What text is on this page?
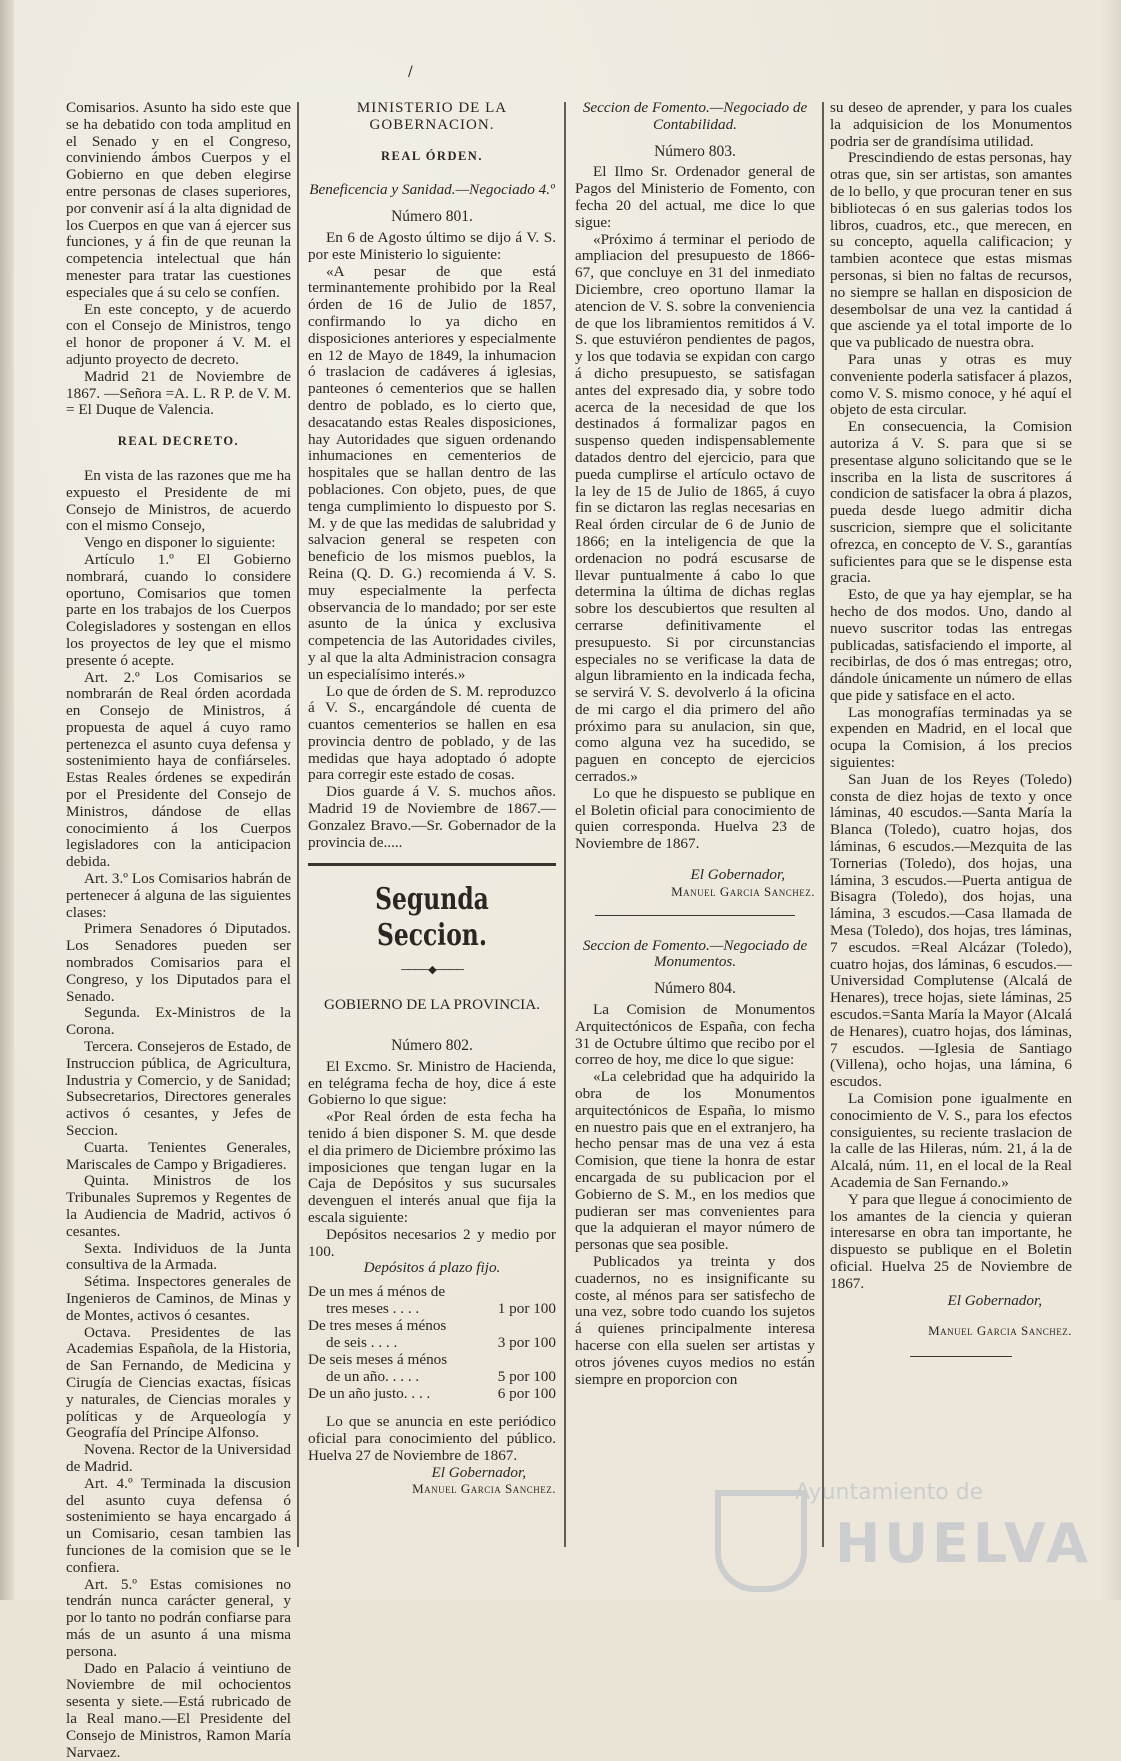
/

Comisarios. Asunto ha sido este que se ha debatido con toda amplitud en el Senado y en el Congreso, conviniendo ámbos Cuerpos y el Gobierno en que deben elegirse entre personas de clases superiores, por convenir así á la alta dignidad de los Cuerpos en que van á ejercer sus funciones, y á fin de que reunan la competencia intelectual que hán menester para tratar las cuestiones especiales que á su celo se confíen.

En este concepto, y de acuerdo con el Consejo de Ministros, tengo el honor de proponer á V. M. el adjunto proyecto de decreto.

Madrid 21 de Noviembre de 1867. —Señora =A. L. R P. de V. M. = El Duque de Valencia.

REAL DECRETO.

En vista de las razones que me ha expuesto el Presidente de mi Consejo de Ministros, de acuerdo con el mismo Consejo,

Vengo en disponer lo siguiente:

Artículo 1.º El Gobierno nombrará, cuando lo considere oportuno, Comisarios que tomen parte en los trabajos de los Cuerpos Colegisladores y sostengan en ellos los proyectos de ley que el mismo presente ó acepte.

Art. 2.º Los Comisarios se nombrarán de Real órden acordada en Consejo de Ministros, á propuesta de aquel á cuyo ramo pertenezca el asunto cuya defensa y sostenimiento haya de confiárseles. Estas Reales órdenes se expedirán por el Presidente del Consejo de Ministros, dándose de ellas conocimiento á los Cuerpos legisladores con la anticipacion debida.

Art. 3.º Los Comisarios habrán de pertenecer á alguna de las siguientes clases:

Primera Senadores ó Diputados. Los Senadores pueden ser nombrados Comisarios para el Congreso, y los Diputados para el Senado.

Segunda. Ex-Ministros de la Corona.

Tercera. Consejeros de Estado, de Instruccion pública, de Agricultura, Industria y Comercio, y de Sanidad; Subsecretarios, Directores generales activos ó cesantes, y Jefes de Seccion.

Cuarta. Tenientes Generales, Mariscales de Campo y Brigadieres.

Quinta. Ministros de los Tribunales Supremos y Regentes de la Audiencia de Madrid, activos ó cesantes.

Sexta. Individuos de la Junta consultiva de la Armada.

Sétima. Inspectores generales de Ingenieros de Caminos, de Minas y de Montes, activos ó cesantes.

Octava. Presidentes de las Academias Española, de la Historia, de San Fernando, de Medicina y Cirugía de Ciencias exactas, físicas y naturales, de Ciencias morales y políticas y de Arqueología y Geografía del Príncipe Alfonso.

Novena. Rector de la Universidad de Madrid.

Art. 4.º Terminada la discusion del asunto cuya defensa ó sostenimiento se haya encargado á un Comisario, cesan tambien las funciones de la comision que se le confiera.

Art. 5.º Estas comisiones no tendrán nunca carácter general, y por lo tanto no podrán confiarse para más de un asunto á una misma persona.

Dado en Palacio á veintiuno de Noviembre de mil ochocientos sesenta y siete.—Está rubricado de la Real mano.—El Presidente del Consejo de Ministros, Ramon María Narvaez.

MINISTERIO DE LA GOBERNACION.

REAL ÓRDEN.

Beneficencia y Sanidad.—Negociado 4.º

Número 801.

En 6 de Agosto último se dijo á V. S. por este Ministerio lo siguiente:

«A pesar de que está terminantemente prohibido por la Real órden de 16 de Julio de 1857, confirmando lo ya dicho en disposiciones anteriores y especialmente en 12 de Mayo de 1849, la inhumacion ó traslacion de cadáveres á iglesias, panteones ó cementerios que se hallen dentro de poblado, es lo cierto que, desacatando estas Reales disposiciones, hay Autoridades que siguen ordenando inhumaciones en cementerios de hospitales que se hallan dentro de las poblaciones. Con objeto, pues, de que tenga cumplimiento lo dispuesto por S. M. y de que las medidas de salubridad y salvacion general se respeten con beneficio de los mismos pueblos, la Reina (Q. D. G.) recomienda á V. S. muy especialmente la perfecta observancia de lo mandado; por ser este asunto de la única y exclusiva competencia de las Autoridades civiles, y al que la alta Administracion consagra un especialísimo interés.»

Lo que de órden de S. M. reproduzco á V. S., encargándole dé cuenta de cuantos cementerios se hallen en esa provincia dentro de poblado, y de las medidas que haya adoptado ó adopte para corregir este estado de cosas.

Dios guarde á V. S. muchos años. Madrid 19 de Noviembre de 1867.—Gonzalez Bravo.—Sr. Gobernador de la provincia de.....

Segunda Seccion.
────◆────

GOBIERNO DE LA PROVINCIA.

Número 802.

El Excmo. Sr. Ministro de Hacienda, en telégrama fecha de hoy, dice á este Gobierno lo que sigue:

«Por Real órden de esta fecha ha tenido á bien disponer S. M. que desde el dia primero de Diciembre próximo las imposiciones que tengan lugar en la Caja de Depósitos y sus sucursales devenguen el interés anual que fija la escala siguiente:

Depósitos necesarios 2 y medio por 100.

Depósitos á plazo fijo.

De un mes á ménos de	
tres meses . . . .	1 por 100
De tres meses á ménos	
de seis . . . .	3 por 100
De seis meses á ménos	
de un año. . . . .	5 por 100
De un año justo. . . .	6 por 100

Lo que se anuncia en este periódico oficial para conocimiento del público. Huelva 27 de Noviembre de 1867.

El Gobernador,

Manuel Garcia Sanchez.

Seccion de Fomento.—Negociado de Contabilidad.

Número 803.

El Ilmo Sr. Ordenador general de Pagos del Ministerio de Fomento, con fecha 20 del actual, me dice lo que sigue:

«Próximo á terminar el periodo de ampliacion del presupuesto de 1866-67, que concluye en 31 del inmediato Diciembre, creo oportuno llamar la atencion de V. S. sobre la conveniencia de que los libramientos remitidos á V. S. que estuviéron pendientes de pagos, y los que todavia se expidan con cargo á dicho presupuesto, se satisfagan antes del expresado dia, y sobre todo acerca de la necesidad de que los destinados á formalizar pagos en suspenso queden indispensablemente datados dentro del ejercicio, para que pueda cumplirse el artículo octavo de la ley de 15 de Julio de 1865, á cuyo fin se dictaron las reglas necesarias en Real órden circular de 6 de Junio de 1866; en la inteligencia de que la ordenacion no podrá escusarse de llevar puntualmente á cabo lo que determina la última de dichas reglas sobre los descubiertos que resulten al cerrarse definitivamente el presupuesto. Si por circunstancias especiales no se verificase la data de algun libramiento en la indicada fecha, se servirá V. S. devolverlo á la oficina de mi cargo el dia primero del año próximo para su anulacion, sin que, como alguna vez ha sucedido, se paguen en concepto de ejercicios cerrados.»

Lo que he dispuesto se publique en el Boletin oficial para conocimiento de quien corresponda. Huelva 23 de Noviembre de 1867.

El Gobernador,

Manuel Garcia Sanchez.

Seccion de Fomento.—Negociado de Monumentos.

Número 804.

La Comision de Monumentos Arquitectónicos de España, con fecha 31 de Octubre último que recibo por el correo de hoy, me dice lo que sigue:

«La celebridad que ha adquirido la obra de los Monumentos arquitectónicos de España, lo mismo en nuestro pais que en el extranjero, ha hecho pensar mas de una vez á esta Comision, que tiene la honra de estar encargada de su publicacion por el Gobierno de S. M., en los medios que pudieran ser mas convenientes para que la adquieran el mayor número de personas que sea posible.

Publicados ya treinta y dos cuadernos, no es insignificante su coste, al ménos para ser satisfecho de una vez, sobre todo cuando los sujetos á quienes principalmente interesa hacerse con ella suelen ser artistas y otros jóvenes cuyos medios no están siempre en proporcion con

su deseo de aprender, y para los cuales la adquisicion de los Monumentos podria ser de grandísima utilidad.

Prescindiendo de estas personas, hay otras que, sin ser artistas, son amantes de lo bello, y que procuran tener en sus bibliotecas ó en sus galerias todos los libros, cuadros, etc., que merecen, en su concepto, aquella calificacion; y tambien acontece que estas mismas personas, si bien no faltas de recursos, no siempre se hallan en disposicion de desembolsar de una vez la cantidad á que asciende ya el total importe de lo que va publicado de nuestra obra.

Para unas y otras es muy conveniente poderla satisfacer á plazos, como V. S. mismo conoce, y hé aquí el objeto de esta circular.

En consecuencia, la Comision autoriza á V. S. para que si se presentase alguno solicitando que se le inscriba en la lista de suscritores á condicion de satisfacer la obra á plazos, pueda desde luego admitir dicha suscricion, siempre que el solicitante ofrezca, en concepto de V. S., garantías suficientes para que se le dispense esta gracia.

Esto, de que ya hay ejemplar, se ha hecho de dos modos. Uno, dando al nuevo suscritor todas las entregas publicadas, satisfaciendo el importe, al recibirlas, de dos ó mas entregas; otro, dándole únicamente un número de ellas que pide y satisface en el acto.

Las monografías terminadas ya se expenden en Madrid, en el local que ocupa la Comision, á los precios siguientes:

San Juan de los Reyes (Toledo) consta de diez hojas de texto y once láminas, 40 escudos.—Santa María la Blanca (Toledo), cuatro hojas, dos láminas, 6 escudos.—Mezquita de las Tornerias (Toledo), dos hojas, una lámina, 3 escudos.—Puerta antigua de Bisagra (Toledo), dos hojas, una lámina, 3 escudos.—Casa llamada de Mesa (Toledo), dos hojas, tres láminas, 7 escudos. =Real Alcázar (Toledo), cuatro hojas, dos láminas, 6 escudos.—Universidad Complutense (Alcalá de Henares), trece hojas, siete láminas, 25 escudos.=Santa María la Mayor (Alcalá de Henares), cuatro hojas, dos láminas, 7 escudos. —Iglesia de Santiago (Villena), ocho hojas, una lámina, 6 escudos.

La Comision pone igualmente en conocimiento de V. S., para los efectos consiguientes, su reciente traslacion de la calle de las Hileras, núm. 21, á la de Alcalá, núm. 11, en el local de la Real Academia de San Fernando.»

Y para que llegue á conocimiento de los amantes de la ciencia y quieran interesarse en obra tan importante, he dispuesto se publique en el Boletin oficial. Huelva 25 de Noviembre de 1867.

El Gobernador,

Manuel Garcia Sanchez.

Ayuntamiento de
HUELVA
